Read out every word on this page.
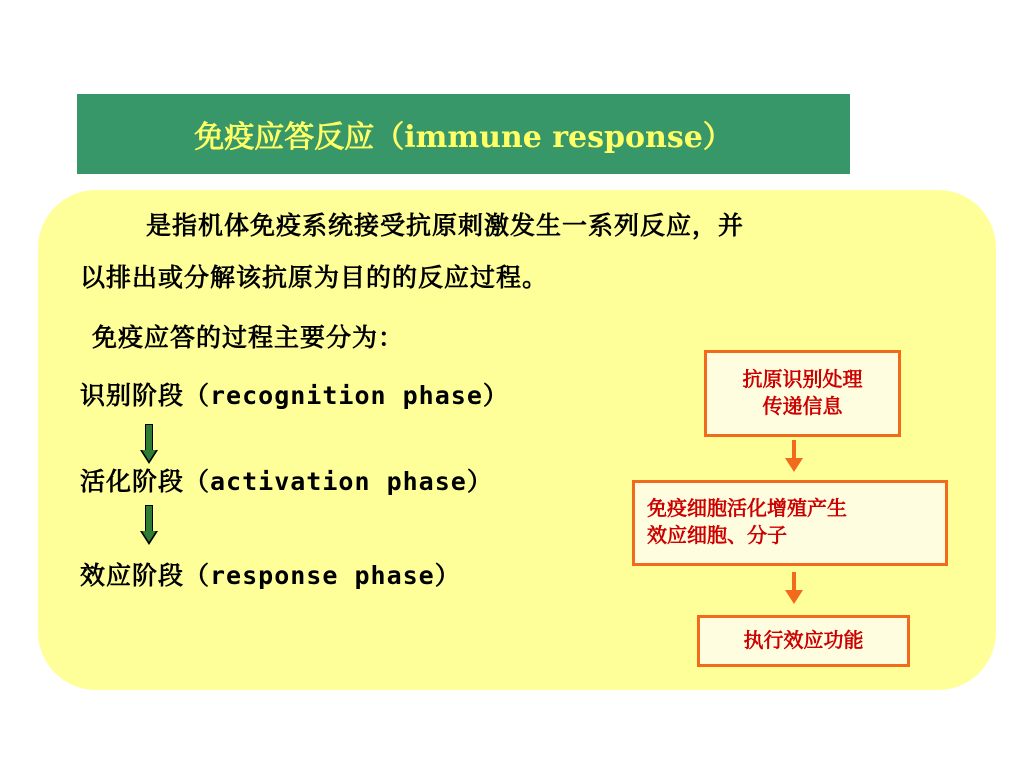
免疫应答反应（immune response）
是指机体免疫系统接受抗原刺激发生一系列反应，并
以排出或分解该抗原为目的的反应过程。
免疫应答的过程主要分为：
识别阶段（recognition phase）
活化阶段（activation phase）
效应阶段（response phase）
抗原识别处理
传递信息
免疫细胞活化增殖产生
效应细胞、分子
执行效应功能
